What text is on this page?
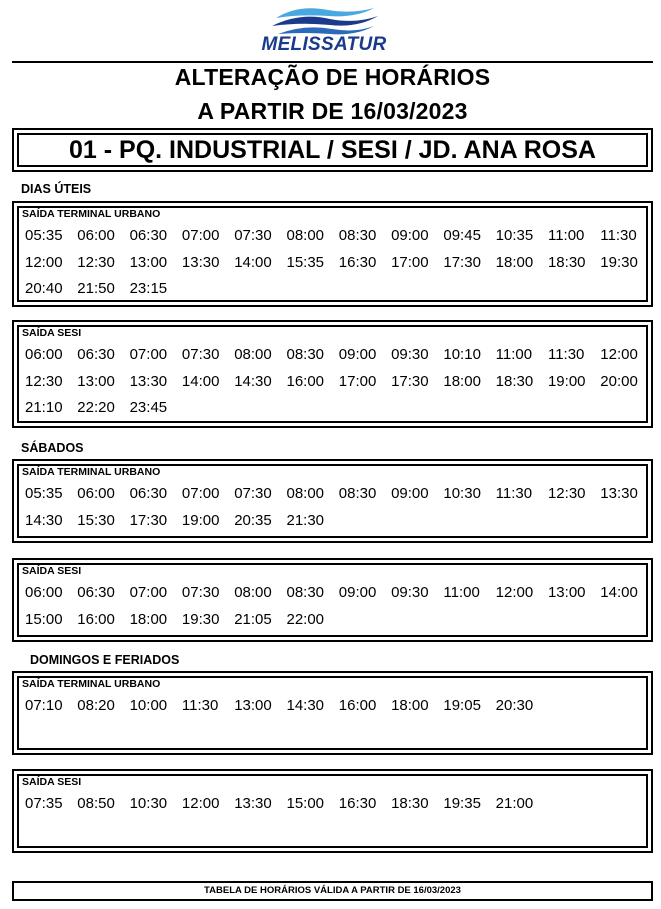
MELISSATUR
ALTERAÇÃO DE HORÁRIOS
A PARTIR DE 16/03/2023
01 - PQ. INDUSTRIAL / SESI / JD. ANA ROSA
DIAS ÚTEIS
SAÍDA TERMINAL URBANO
05:35 06:00 06:30 07:00 07:30 08:00 08:30 09:00 09:45 10:35 11:00	11:30
12:00 12:30 13:00 13:30 14:00 15:35 16:30 17:00 17:30 18:00 18:30 19:30
20:40 21:50 23:15
SAÍDA SESI
06:00 06:30 07:00 07:30 08:00 08:30 09:00 09:30 10:10 11:00	11:30	12:00
12:30 13:00 13:30 14:00 14:30 16:00 17:00 17:30 18:00 18:30 19:00 20:00
21:10 22:20 23:45
SÁBADOS
SAÍDA TERMINAL URBANO
05:35 06:00 06:30 07:00 07:30 08:00 08:30 09:00 10:30 11:30	12:30 13:30
14:30 15:30 17:30 19:00 20:35 21:30
SAÍDA SESI
06:00 06:30 07:00 07:30 08:00 08:30 09:00 09:30 11:00	12:00 13:00 14:00
15:00 16:00 18:00 19:30 21:05 22:00
DOMINGOS E FERIADOS
SAÍDA TERMINAL URBANO
07:10 08:20 10:00 11:30	13:00 14:30 16:00 18:00 19:05 20:30
SAÍDA SESI
07:35 08:50 10:30 12:00 13:30 15:00 16:30 18:30 19:35 21:00
TABELA DE HORÁRIOS VÁLIDA A PARTIR DE 16/03/2023
